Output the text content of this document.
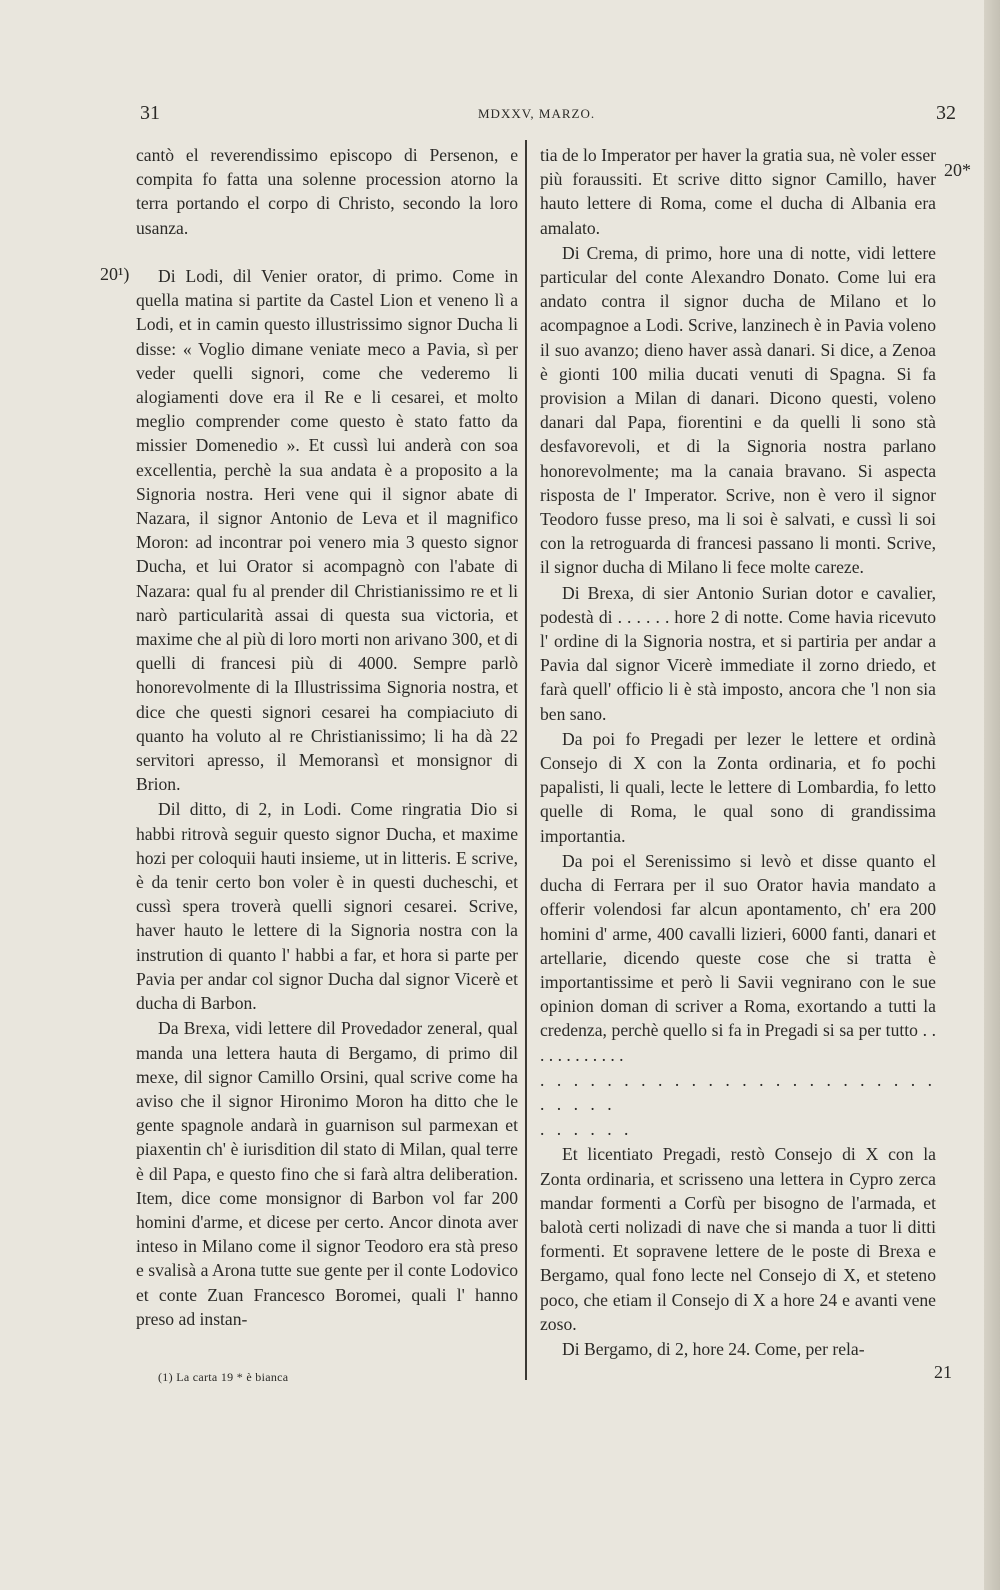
31	MDXXV, MARZO.	32
20¹)
20*
21

cantò el reverendissimo episcopo di Persenon, e compita fo fatta una solenne procession atorno la terra portando el corpo di Christo, secondo la loro usanza.

Di Lodi, dil Venier orator, di primo. Come in quella matina si partite da Castel Lion et veneno lì a Lodi, et in camin questo illustrissimo signor Ducha li disse: « Voglio dimane veniate meco a Pavia, sì per veder quelli signori, come che vederemo li alogiamenti dove era il Re e li cesarei, et molto meglio comprender come questo è stato fatto da missier Domenedio ». Et cussì lui anderà con soa excellentia, perchè la sua andata è a proposito a la Signoria nostra. Heri vene qui il signor abate di Nazara, il signor Antonio de Leva et il magnifico Moron: ad incontrar poi venero mia 3 questo signor Ducha, et lui Orator si acompagnò con l'abate di Nazara: qual fu al prender dil Christianissimo re et li narò particularità assai di questa sua victoria, et maxime che al più di loro morti non arivano 300, et di quelli di francesi più di 4000. Sempre parlò honorevolmente di la Illustrissima Signoria nostra, et dice che questi signori cesarei ha compiaciuto di quanto ha voluto al re Christianissimo; li ha dà 22 servitori apresso, il Memoransì et monsignor di Brion.

Dil ditto, di 2, in Lodi. Come ringratia Dio si habbi ritrovà seguir questo signor Ducha, et maxime hozi per coloquii hauti insieme, ut in litteris. E scrive, è da tenir certo bon voler è in questi ducheschi, et cussì spera troverà quelli signori cesarei. Scrive, haver hauto le lettere di la Signoria nostra con la instrution di quanto l' habbi a far, et hora si parte per Pavia per andar col signor Ducha dal signor Vicerè et ducha di Barbon.

Da Brexa, vidi lettere dil Provedador zeneral, qual manda una lettera hauta di Bergamo, di primo dil mexe, dil signor Camillo Orsini, qual scrive come ha aviso che il signor Hironimo Moron ha ditto che le gente spagnole andarà in guarnison sul parmexan et piaxentin ch' è iurisdition dil stato di Milan, qual terre è dil Papa, e questo fino che si farà altra deliberation. Item, dice come monsignor di Barbon vol far 200 homini d'arme, et dicese per certo. Ancor dinota aver inteso in Milano come il signor Teodoro era stà preso e svalisà a Arona tutte sue gente per il conte Lodovico et conte Zuan Francesco Boromei, quali l' hanno preso ad instan-

tia de lo Imperator per haver la gratia sua, nè voler esser più foraussiti. Et scrive ditto signor Camillo, haver hauto lettere di Roma, come el ducha di Albania era amalato.

Di Crema, di primo, hore una di notte, vidi lettere particular del conte Alexandro Donato. Come lui era andato contra il signor ducha de Milano et lo acompagnoe a Lodi. Scrive, lanzinech è in Pavia voleno il suo avanzo; dieno haver assà danari. Si dice, a Zenoa è gionti 100 milia ducati venuti di Spagna. Si fa provision a Milan di danari. Dicono questi, voleno danari dal Papa, fiorentini e da quelli li sono stà desfavorevoli, et di la Signoria nostra parlano honorevolmente; ma la canaia bravano. Si aspecta risposta de l' Imperator. Scrive, non è vero il signor Teodoro fusse preso, ma li soi è salvati, e cussì li soi con la retroguarda di francesi passano li monti. Scrive, il signor ducha di Milano li fece molte careze.

Di Brexa, di sier Antonio Surian dotor e cavalier, podestà di . . . . . . hore 2 di notte. Come havia ricevuto l' ordine di la Signoria nostra, et si partiria per andar a Pavia dal signor Vicerè immediate il zorno driedo, et farà quell' officio li è stà imposto, ancora che 'l non sia ben sano.

Da poi fo Pregadi per lezer le lettere et ordinà Consejo di X con la Zonta ordinaria, et fo pochi papalisti, li quali, lecte le lettere di Lombardia, fo letto quelle di Roma, le qual sono di grandissima importantia.

Da poi el Serenissimo si levò et disse quanto el ducha di Ferrara per il suo Orator havia mandato a offerir volendosi far alcun apontamento, ch' era 200 homini d' arme, 400 cavalli lizieri, 6000 fanti, danari et artellarie, dicendo queste cose che si tratta è importantissime et però li Savii vegnirano con le sue opinion doman di scriver a Roma, exortando a tutti la credenza, perchè quello si fa in Pregadi si sa per tutto . . . . . . . . . . . .

. . . . . . . . . . . . . . . . . . . . . . . . . . . . .

. . . . . .

Et licentiato Pregadi, restò Consejo di X con la Zonta ordinaria, et scrisseno una lettera in Cypro zerca mandar formenti a Corfù per bisogno de l'armada, et balotà certi nolizadi di nave che si manda a tuor li ditti formenti. Et sopravene lettere de le poste di Brexa e Bergamo, qual fono lecte nel Consejo di X, et steteno poco, che etiam il Consejo di X a hore 24 e avanti vene zoso.

Di Bergamo, di 2, hore 24. Come, per rela-

(1) La carta 19 * è bianca
